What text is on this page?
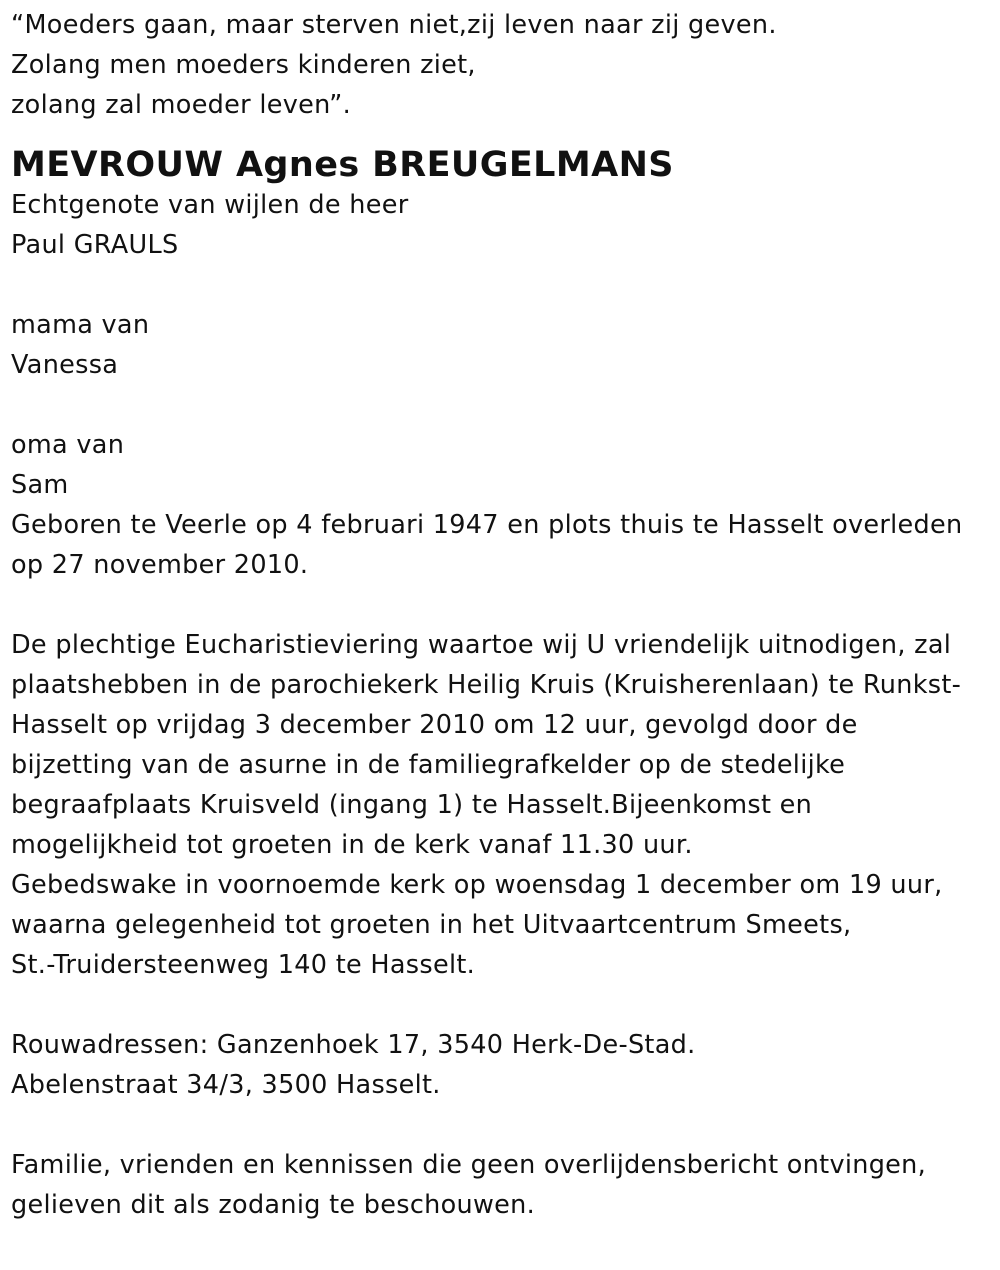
“Moeders gaan, maar sterven niet,zij leven naar zij geven.
Zolang men moeders kinderen ziet,
zolang zal moeder leven”.
MEVROUW Agnes BREUGELMANS
Echtgenote van wijlen de heer
Paul GRAULS
mama van
Vanessa
oma van
Sam
Geboren te Veerle op 4 februari 1947 en plots thuis te Hasselt overleden
op 27 november 2010.
De plechtige Eucharistieviering waartoe wij U vriendelijk uitnodigen, zal
plaatshebben in de parochiekerk Heilig Kruis (Kruisherenlaan) te Runkst-
Hasselt op vrijdag 3 december 2010 om 12 uur, gevolgd door de
bijzetting van de asurne in de familiegrafkelder op de stedelijke
begraafplaats Kruisveld (ingang 1) te Hasselt.Bijeenkomst en
mogelijkheid tot groeten in de kerk vanaf 11.30 uur.
Gebedswake in voornoemde kerk op woensdag 1 december om 19 uur,
waarna gelegenheid tot groeten in het Uitvaartcentrum Smeets,
St.-Truidersteenweg 140 te Hasselt.
Rouwadressen: Ganzenhoek 17, 3540 Herk-De-Stad.
Abelenstraat 34/3, 3500 Hasselt.
Familie, vrienden en kennissen die geen overlijdensbericht ontvingen,
gelieven dit als zodanig te beschouwen.
